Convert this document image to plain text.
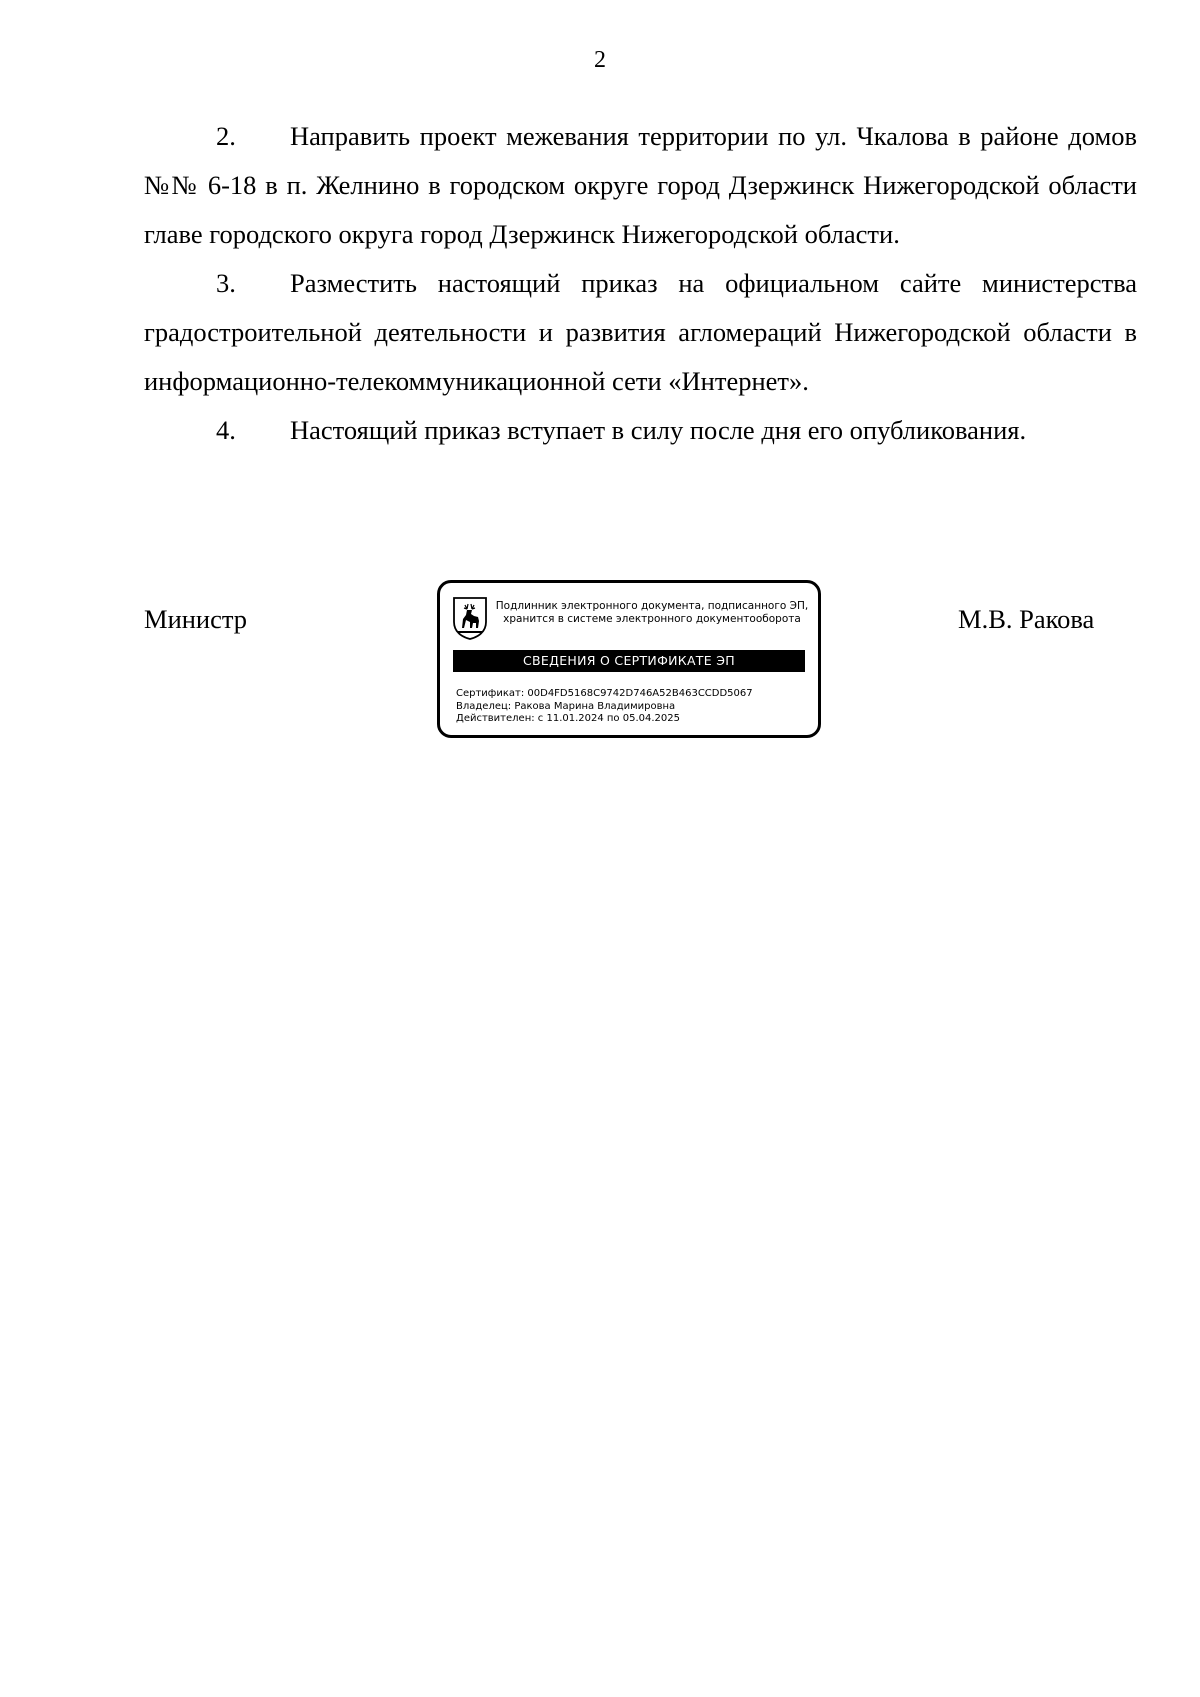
2

2. Направить проект межевания территории по ул. Чкалова в районе домов №№ 6-18 в п. Желнино в городском округе город Дзержинск Нижегородской области главе городского округа город Дзержинск Нижегородской области.

3. Разместить настоящий приказ на официальном сайте министерства градостроительной деятельности и развития агломераций Нижегородской области в информационно-телекоммуникационной сети «Интернет».

4. Настоящий приказ вступает в силу после дня его опубликования.

Министр	Подлинник электронного документа, подписанного ЭП,
хранится в системе электронного документооборота
СВЕДЕНИЯ О СЕРТИФИКАТЕ ЭП
Сертификат: 00D4FD5168C9742D746A52B463CCDD5067
Владелец: Ракова Марина Владимировна
Действителен: с 11.01.2024 по 05.04.2025
М.В. Ракова
